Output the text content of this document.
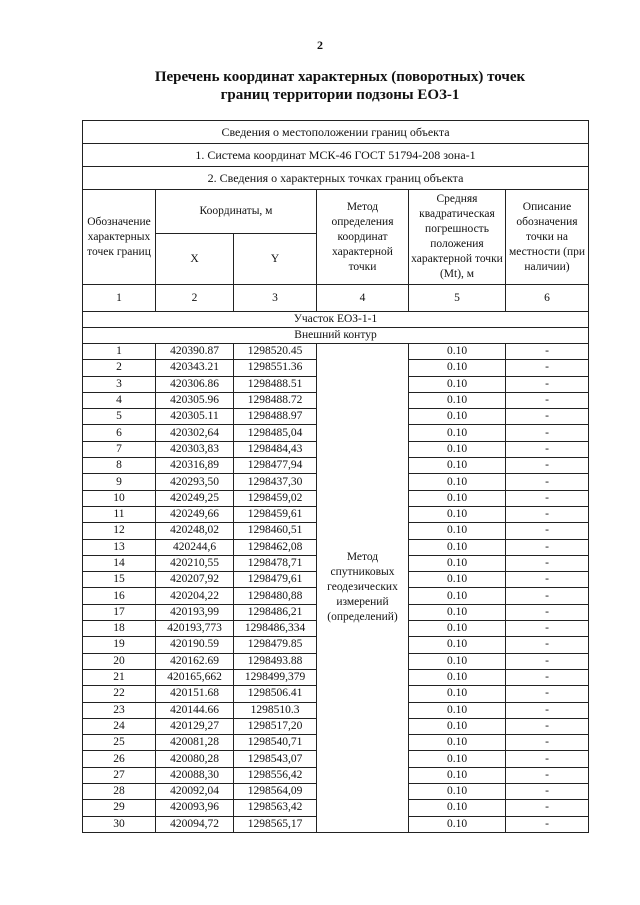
2
Перечень координат характерных (поворотных) точек
границ территории подзоны ЕОЗ-1
Сведения о местоположении границ объекта					
1. Система координат МСК-46 ГОСТ 51794-208 зона-1					
2. Сведения о характерных точках границ объекта					
Обозначение характерных точек границ	Координаты, м		Метод определения координат характерной точки	Средняя квадратическая погрешность положения характерной точки (Mt), м	Описание обозначения точки на местности (при наличии)
	X	Y			
1	2	3	4	5	6
Участок ЕОЗ-1-1					
Внешний контур					
1	420390.87	1298520.45	Метод спутниковых геодезических измерений (определений)	0.10	-
2	420343.21	1298551.36		0.10	-
3	420306.86	1298488.51		0.10	-
4	420305.96	1298488.72		0.10	-
5	420305.11	1298488.97		0.10	-
6	420302,64	1298485,04		0.10	-
7	420303,83	1298484,43		0.10	-
8	420316,89	1298477,94		0.10	-
9	420293,50	1298437,30		0.10	-
10	420249,25	1298459,02		0.10	-
11	420249,66	1298459,61		0.10	-
12	420248,02	1298460,51		0.10	-
13	420244,6	1298462,08		0.10	-
14	420210,55	1298478,71		0.10	-
15	420207,92	1298479,61		0.10	-
16	420204,22	1298480,88		0.10	-
17	420193,99	1298486,21		0.10	-
18	420193,773	1298486,334		0.10	-
19	420190.59	1298479.85		0.10	-
20	420162.69	1298493.88		0.10	-
21	420165,662	1298499,379		0.10	-
22	420151.68	1298506.41		0.10	-
23	420144.66	1298510.3		0.10	-
24	420129,27	1298517,20		0.10	-
25	420081,28	1298540,71		0.10	-
26	420080,28	1298543,07		0.10	-
27	420088,30	1298556,42		0.10	-
28	420092,04	1298564,09		0.10	-
29	420093,96	1298563,42		0.10	-
30	420094,72	1298565,17		0.10	-
